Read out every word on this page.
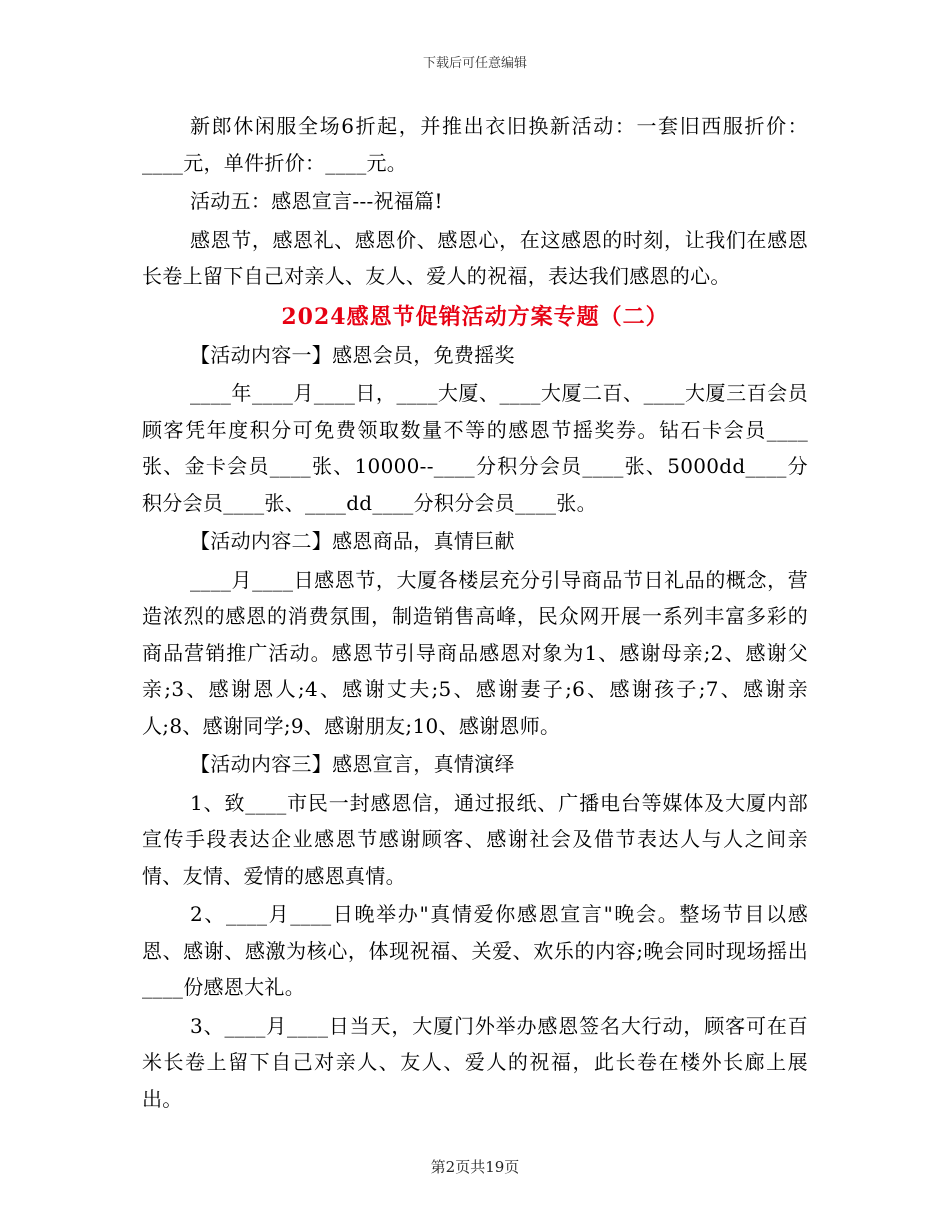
下载后可任意编辑

新郎休闲服全场6折起，并推出衣旧换新活动：一套旧西服折价：____元，单件折价：____元。

活动五：感恩宣言---祝福篇!

感恩节，感恩礼、感恩价、感恩心，在这感恩的时刻，让我们在感恩长卷上留下自己对亲人、友人、爱人的祝福，表达我们感恩的心。

2024感恩节促销活动方案专题（二）

【活动内容一】感恩会员，免费摇奖

____年____月____日，____大厦、____大厦二百、____大厦三百会员顾客凭年度积分可免费领取数量不等的感恩节摇奖券。钻石卡会员____张、金卡会员____张、10000--____分积分会员____张、5000dd____分积分会员____张、____dd____分积分会员____张。

【活动内容二】感恩商品，真情巨献

____月____日感恩节，大厦各楼层充分引导商品节日礼品的概念，营造浓烈的感恩的消费氛围，制造销售高峰，民众网开展一系列丰富多彩的商品营销推广活动。感恩节引导商品感恩对象为1、感谢母亲;2、感谢父亲;3、感谢恩人;4、感谢丈夫;5、感谢妻子;6、感谢孩子;7、感谢亲人;8、感谢同学;9、感谢朋友;10、感谢恩师。

【活动内容三】感恩宣言，真情演绎

1、致____市民一封感恩信，通过报纸、广播电台等媒体及大厦内部宣传手段表达企业感恩节感谢顾客、感谢社会及借节表达人与人之间亲情、友情、爱情的感恩真情。

2、____月____日晚举办"真情爱你感恩宣言"晚会。整场节目以感恩、感谢、感激为核心，体现祝福、关爱、欢乐的内容;晚会同时现场摇出____份感恩大礼。

3、____月____日当天，大厦门外举办感恩签名大行动，顾客可在百米长卷上留下自己对亲人、友人、爱人的祝福，此长卷在楼外长廊上展出。

第2页共19页
